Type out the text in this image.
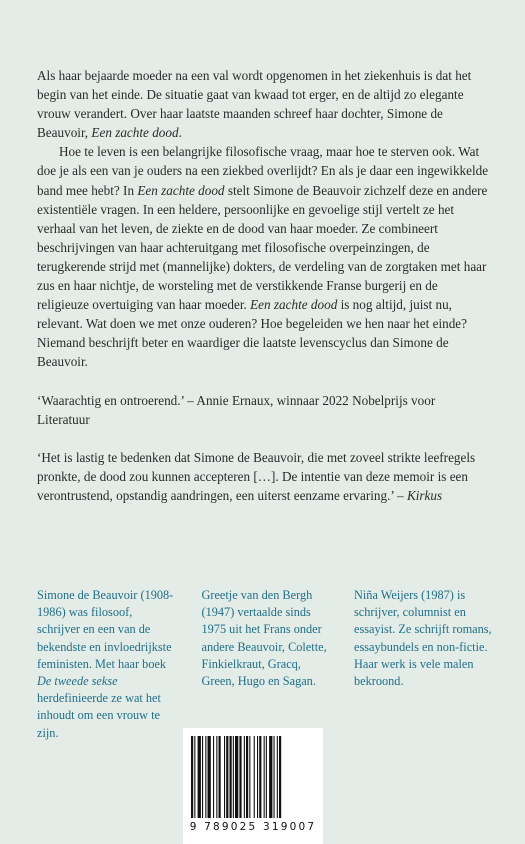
Als haar bejaarde moeder na een val wordt opgenomen in het ziekenhuis is dat het begin van het einde. De situatie gaat van kwaad tot erger, en de altijd zo elegante vrouw verandert. Over haar laatste maanden schreef haar dochter, Simone de Beauvoir, Een zachte dood.

Hoe te leven is een belangrijke filosofische vraag, maar hoe te sterven ook. Wat doe je als een van je ouders na een ziekbed overlijdt? En als je daar een ingewikkelde band mee hebt? In Een zachte dood stelt Simone de Beauvoir zichzelf deze en andere existentiële vragen. In een heldere, persoonlijke en gevoelige stijl vertelt ze het verhaal van het leven, de ziekte en de dood van haar moeder. Ze combineert beschrijvingen van haar achteruitgang met filosofische overpeinzingen, de terugkerende strijd met (mannelijke) dokters, de verdeling van de zorgtaken met haar zus en haar nichtje, de worsteling met de verstikkende Franse burgerij en de religieuze overtuiging van haar moeder. Een zachte dood is nog altijd, juist nu, relevant. Wat doen we met onze ouderen? Hoe begeleiden we hen naar het einde? Niemand beschrijft beter en waardiger die laatste levenscyclus dan Simone de Beauvoir.

‘Waarachtig en ontroerend.’ – Annie Ernaux, winnaar 2022 Nobelprijs voor Literatuur

‘Het is lastig te bedenken dat Simone de Beauvoir, die met zoveel strikte leefregels pronkte, de dood zou kunnen accepteren […]. De intentie van deze memoir is een verontrustend, opstandig aandringen, een uiterst eenzame ervaring.’ – Kirkus

Simone de Beauvoir (1908-1986) was filosoof, schrijver en een van de bekendste en invloedrijkste feministen. Met haar boek De tweede sekse herdefinieerde ze wat het inhoudt om een vrouw te zijn.
Greetje van den Bergh (1947) vertaalde sinds 1975 uit het Frans onder andere Beauvoir, Colette, Finkielkraut, Gracq, Green, Hugo en Sagan.
Niña Weijers (1987) is schrijver, columnist en essayist. Ze schrijft romans, essaybundels en non-fictie. Haar werk is vele malen bekroond.
9 789025 319007
